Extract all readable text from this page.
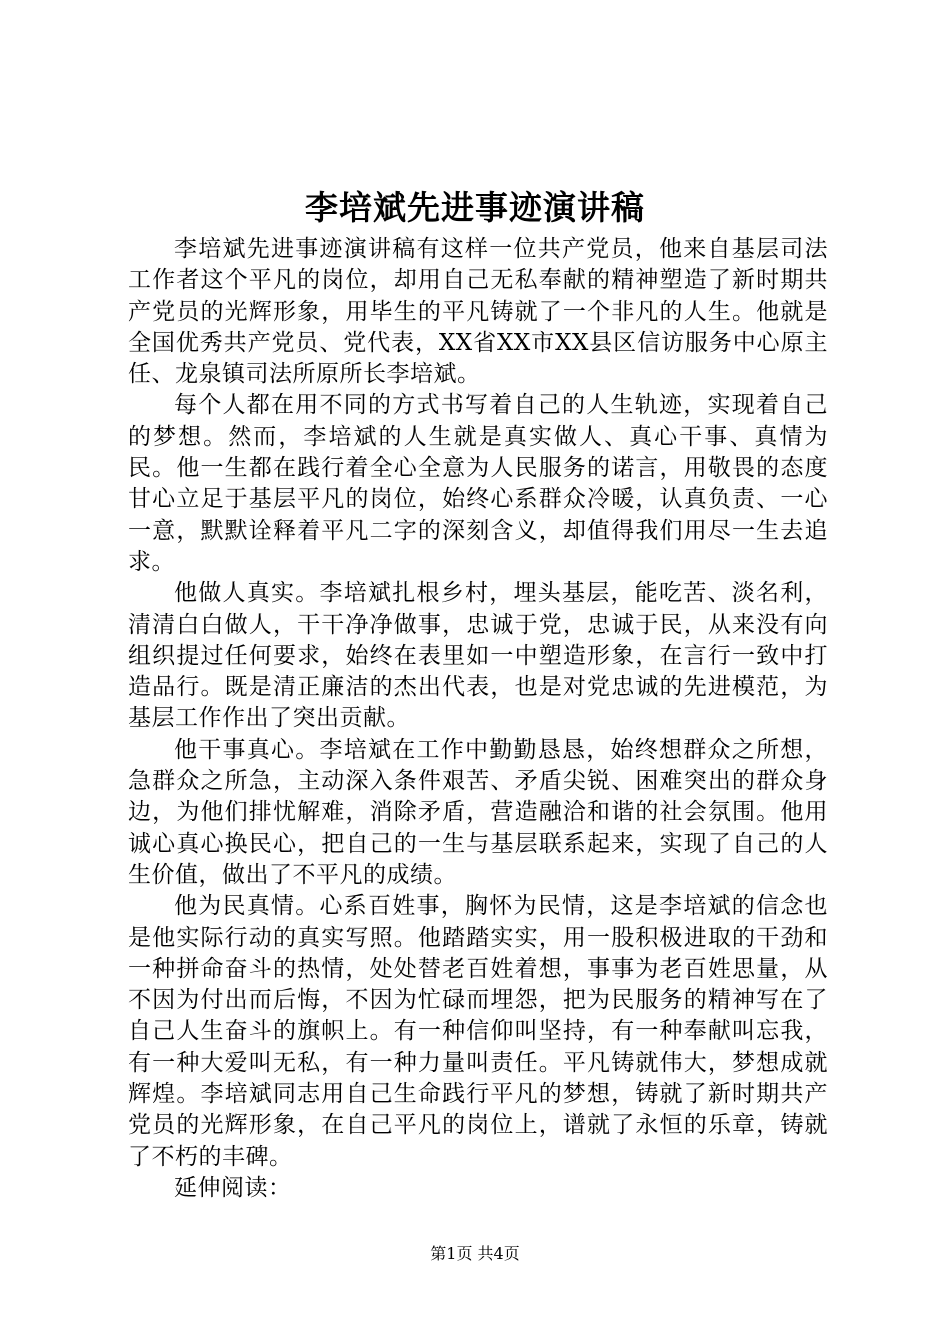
李培斌先进事迹演讲稿

李培斌先进事迹演讲稿有这样一位共产党员，他来自基层司法工作者这个平凡的岗位，却用自己无私奉献的精神塑造了新时期共产党员的光辉形象，用毕生的平凡铸就了一个非凡的人生。他就是全国优秀共产党员、党代表，XX省XX市XX县区信访服务中心原主任、龙泉镇司法所原所长李培斌。

每个人都在用不同的方式书写着自己的人生轨迹，实现着自己的梦想。然而，李培斌的人生就是真实做人、真心干事、真情为民。他一生都在践行着全心全意为人民服务的诺言，用敬畏的态度甘心立足于基层平凡的岗位，始终心系群众冷暖，认真负责、一心一意，默默诠释着平凡二字的深刻含义，却值得我们用尽一生去追求。

他做人真实。李培斌扎根乡村，埋头基层，能吃苦、淡名利，清清白白做人，干干净净做事，忠诚于党，忠诚于民，从来没有向组织提过任何要求，始终在表里如一中塑造形象，在言行一致中打造品行。既是清正廉洁的杰出代表，也是对党忠诚的先进模范，为基层工作作出了突出贡献。

他干事真心。李培斌在工作中勤勤恳恳，始终想群众之所想，急群众之所急，主动深入条件艰苦、矛盾尖锐、困难突出的群众身边，为他们排忧解难，消除矛盾，营造融洽和谐的社会氛围。他用诚心真心换民心，把自己的一生与基层联系起来，实现了自己的人生价值，做出了不平凡的成绩。

他为民真情。心系百姓事，胸怀为民情，这是李培斌的信念也是他实际行动的真实写照。他踏踏实实，用一股积极进取的干劲和一种拼命奋斗的热情，处处替老百姓着想，事事为老百姓思量，从不因为付出而后悔，不因为忙碌而埋怨，把为民服务的精神写在了自己人生奋斗的旗帜上。有一种信仰叫坚持，有一种奉献叫忘我，有一种大爱叫无私，有一种力量叫责任。平凡铸就伟大，梦想成就辉煌。李培斌同志用自己生命践行平凡的梦想，铸就了新时期共产党员的光辉形象，在自己平凡的岗位上，谱就了永恒的乐章，铸就了不朽的丰碑。

延伸阅读：

第1页 共4页
